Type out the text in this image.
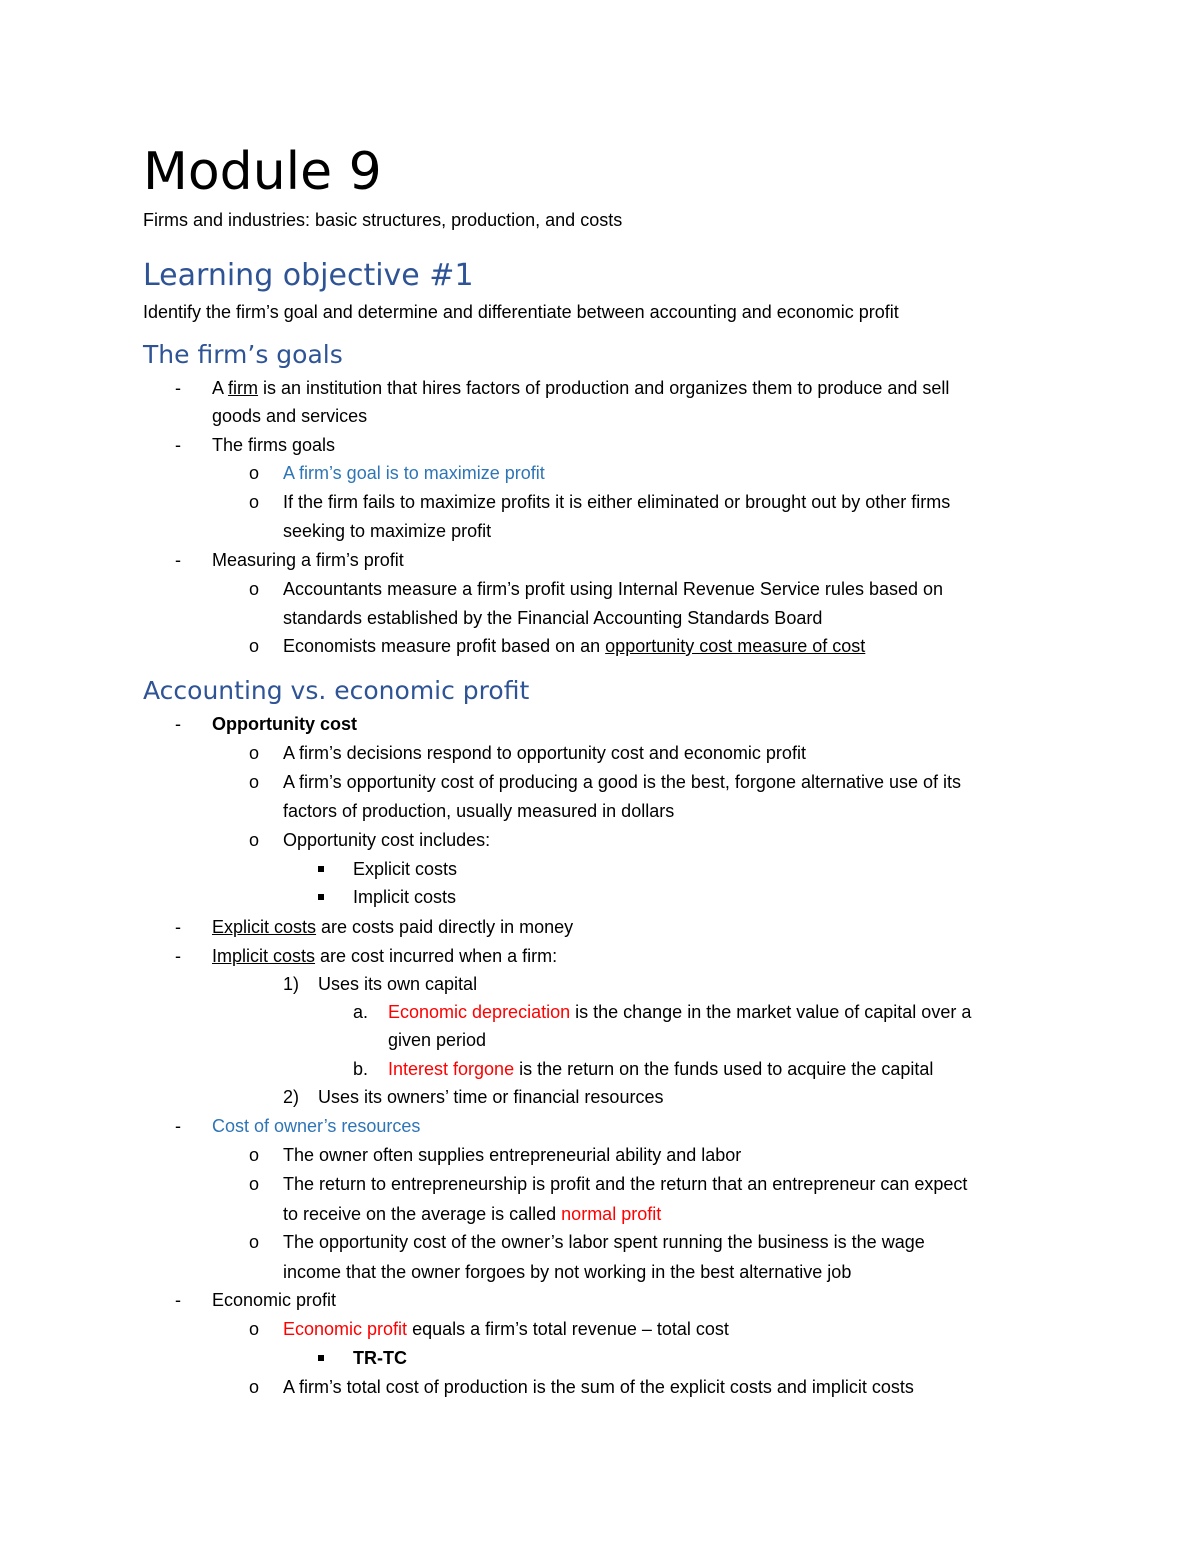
Module 9
Firms and industries: basic structures, production, and costs
Learning objective #1
Identify the firm’s goal and determine and differentiate between accounting and economic profit
The firm’s goals
- A firm is an institution that hires factors of production and organizes them to produce and sell
goods and services
- The firms goals
o A firm’s goal is to maximize profit
o If the firm fails to maximize profits it is either eliminated or brought out by other firms
seeking to maximize profit
- Measuring a firm’s profit
o Accountants measure a firm’s profit using Internal Revenue Service rules based on
standards established by the Financial Accounting Standards Board
o Economists measure profit based on an opportunity cost measure of cost
Accounting vs. economic profit
- Opportunity cost
o A firm’s decisions respond to opportunity cost and economic profit
o A firm’s opportunity cost of producing a good is the best, forgone alternative use of its
factors of production, usually measured in dollars
o Opportunity cost includes:
Explicit costs
Implicit costs
- Explicit costs are costs paid directly in money
- Implicit costs are cost incurred when a firm:
1) Uses its own capital
a. Economic depreciation is the change in the market value of capital over a
given period
b. Interest forgone is the return on the funds used to acquire the capital
2) Uses its owners’ time or financial resources
- Cost of owner’s resources
o The owner often supplies entrepreneurial ability and labor
o The return to entrepreneurship is profit and the return that an entrepreneur can expect
to receive on the average is called normal profit
o The opportunity cost of the owner’s labor spent running the business is the wage
income that the owner forgoes by not working in the best alternative job
- Economic profit
o Economic profit equals a firm’s total revenue – total cost
TR-TC
o A firm’s total cost of production is the sum of the explicit costs and implicit costs
